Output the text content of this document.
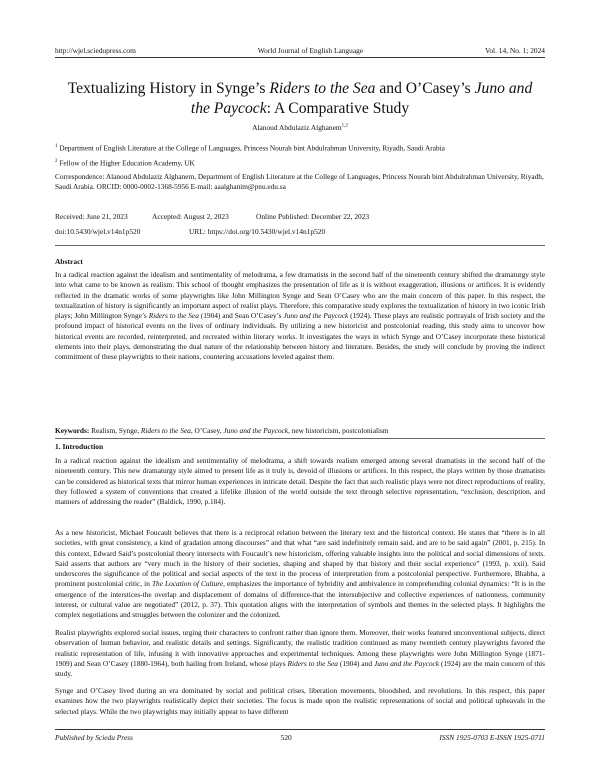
http://wjel.sciedupress.com	World Journal of English Language	Vol. 14, No. 1; 2024
Textualizing History in Synge’s Riders to the Sea and O’Casey’s Juno and the Paycock: A Comparative Study
Alanoud Abdulaziz Alghanem$^{1,2}$
$^1$ Department of English Literature at the College of Languages, Princess Nourah bint Abdulrahman University, Riyadh, Saudi Arabia
$^2$ Fellow of the Higher Education Academy, UK
Correspondence: Alanoud Abdulaziz Alghanem, Department of English Literature at the College of Languages, Princess Nourah bint Abdulrahman University, Riyadh, Saudi Arabia. ORCID: 0000-0002-1368-5956 E-mail: aaalghanim@pnu.edu.sa
Received: June 21, 2023	Accepted: August 2, 2023	Online Published: December 22, 2023
doi:10.5430/wjel.v14n1p520	URL: https://doi.org/10.5430/wjel.v14n1p520
Abstract

In a radical reaction against the idealism and sentimentality of melodrama, a few dramatists in the second half of the nineteenth century shifted the dramaturgy style into what came to be known as realism. This school of thought emphasizes the presentation of life as it is without exaggeration, illusions or artifices. It is evidently reflected in the dramatic works of some playwrights like John Millington Synge and Sean O’Casey who are the main concern of this paper. In this respect, the textualization of history is significantly an important aspect of realist plays. Therefore, this comparative study explores the textualization of history in two iconic Irish plays; John Millington Synge’s Riders to the Sea (1904) and Sean O’Casey’s Juno and the Paycock (1924). These plays are realistic portrayals of Irish society and the profound impact of historical events on the lives of ordinary individuals. By utilizing a new historicist and postcolonial reading, this study aims to uncover how historical events are recorded, reinterpreted, and recreated within literary works. It investigates the ways in which Synge and O’Casey incorporate these historical elements into their plays, demonstrating the dual nature of the relationship between history and literature. Besides, the study will conclude by proving the indirect commitment of these playwrights to their nations, countering accusations leveled against them.

Keywords: Realism, Synge, Riders to the Sea, O’Casey, Juno and the Paycock, new historicism, postcolonialism
1. Introduction

In a radical reaction against the idealism and sentimentality of melodrama, a shift towards realism emerged among several dramatists in the second half of the nineteenth century. This new dramaturgy style aimed to present life as it truly is, devoid of illusions or artifices. In this respect, the plays written by those dramatists can be considered as historical texts that mirror human experiences in intricate detail. Despite the fact that such realistic plays were not direct reproductions of reality, they followed a system of conventions that created a lifelike illusion of the world outside the text through selective representation, “exclusion, description, and manners of addressing the reader” (Baldick, 1990, p.184).

As a new historicist, Michael Foucault believes that there is a reciprocal relation between the literary text and the historical context. He states that “there is in all societies, with great consistency, a kind of gradation among discourses” and that what “are said indefinitely remain said, and are to be said again” (2001, p. 215). In this context, Edward Said’s postcolonial theory intersects with Foucault’s new historicism, offering valuable insights into the political and social dimensions of texts. Said asserts that authors are “very much in the history of their societies, shaping and shaped by that history and their social experience” (1993, p. xxii). Said underscores the significance of the political and social aspects of the text in the process of interpretation from a postcolonial perspective. Furthermore, Bhabha, a prominent postcolonial critic, in The Location of Culture, emphasizes the importance of hybridity and ambivalence in comprehending colonial dynamics: “It is in the emergence of the interstices-the overlap and displacement of domains of difference-that the intersubjective and collective experiences of nationness, community interest, or cultural value are negotiated” (2012, p. 37). This quotation aligns with the interpretation of symbols and themes in the selected plays. It highlights the complex negotiations and struggles between the colonizer and the colonized.

Realist playwrights explored social issues, urging their characters to confront rather than ignore them. Moreover, their works featured unconventional subjects, direct observation of human behavior, and realistic details and settings. Significantly, the realistic tradition continued as many twentieth century playwrights favored the realistic representation of life, infusing it with innovative approaches and experimental techniques. Among these playwrights were John Millington Synge (1871-1909) and Sean O’Casey (1880-1964), both hailing from Ireland, whose plays Riders to the Sea (1904) and Juno and the Paycock (1924) are the main concern of this study.

Synge and O’Casey lived during an era dominated by social and political crises, liberation movements, bloodshed, and revolutions. In this respect, this paper examines how the two playwrights realistically depict their societies. The focus is made upon the realistic representations of social and political upheavals in the selected plays. While the two playwrights may initially appear to have different

Published by Sciedu Press	520	ISSN 1925-0703 E-ISSN 1925-0711
